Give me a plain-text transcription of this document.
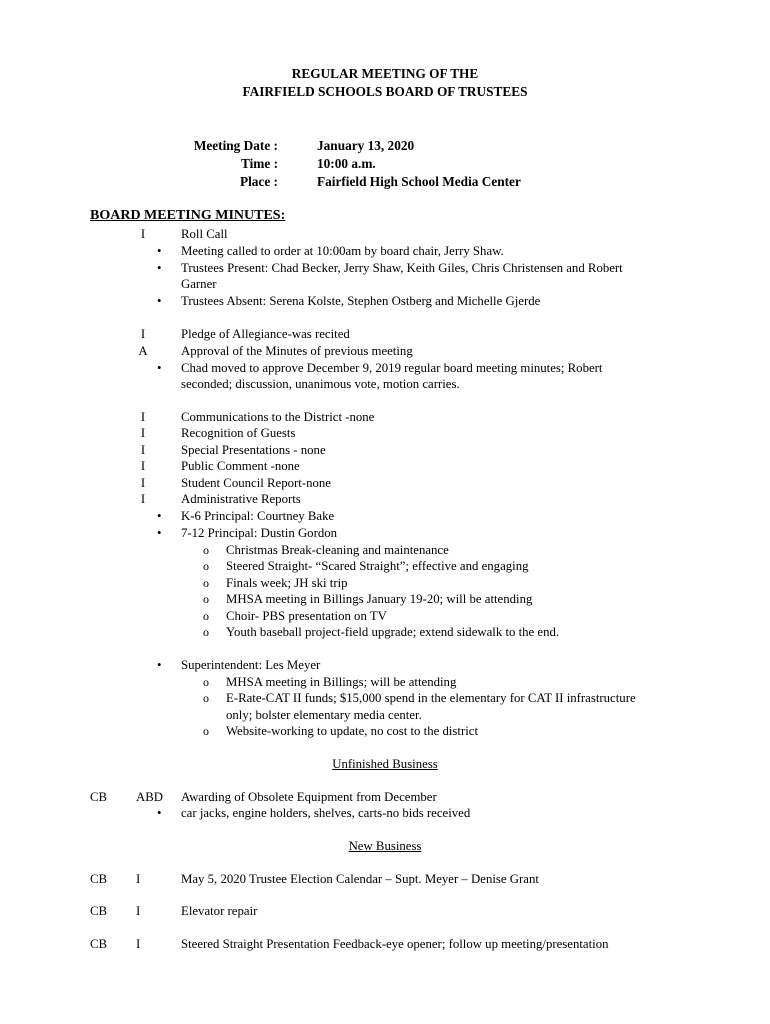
REGULAR MEETING OF THE
FAIRFIELD SCHOOLS BOARD OF TRUSTEES
Meeting Date :	January 13, 2020
Time :	10:00 a.m.
Place :	Fairfield High School Media Center
BOARD MEETING MINUTES:
I	Roll Call
• Meeting called to order at 10:00am by board chair, Jerry Shaw.
• Trustees Present: Chad Becker, Jerry Shaw, Keith Giles, Chris Christensen and Robert
Garner
• Trustees Absent: Serena Kolste, Stephen Ostberg and Michelle Gjerde
I	Pledge of Allegiance-was recited
A	Approval of the Minutes of previous meeting
• Chad moved to approve December 9, 2019 regular board meeting minutes; Robert
seconded; discussion, unanimous vote, motion carries.
I	Communications to the District -none
I	Recognition of Guests
I	Special Presentations - none
I	Public Comment -none
I	Student Council Report-none
I	Administrative Reports
• K-6 Principal: Courtney Bake
• 7-12 Principal: Dustin Gordon
o Christmas Break-cleaning and maintenance
o Steered Straight- “Scared Straight”; effective and engaging
o Finals week; JH ski trip
o MHSA meeting in Billings January 19-20; will be attending
o Choir- PBS presentation on TV
o Youth baseball project-field upgrade; extend sidewalk to the end.
• Superintendent: Les Meyer
o MHSA meeting in Billings; will be attending
o E-Rate-CAT II funds; $15,000 spend in the elementary for CAT II infrastructure
only; bolster elementary media center.
o Website-working to update, no cost to the district
Unfinished Business
CB ABD Awarding of Obsolete Equipment from December
• car jacks, engine holders, shelves, carts-no bids received
New Business
CB I	May 5, 2020 Trustee Election Calendar – Supt. Meyer – Denise Grant
CB I	Elevator repair
CB I	Steered Straight Presentation Feedback-eye opener; follow up meeting/presentation
